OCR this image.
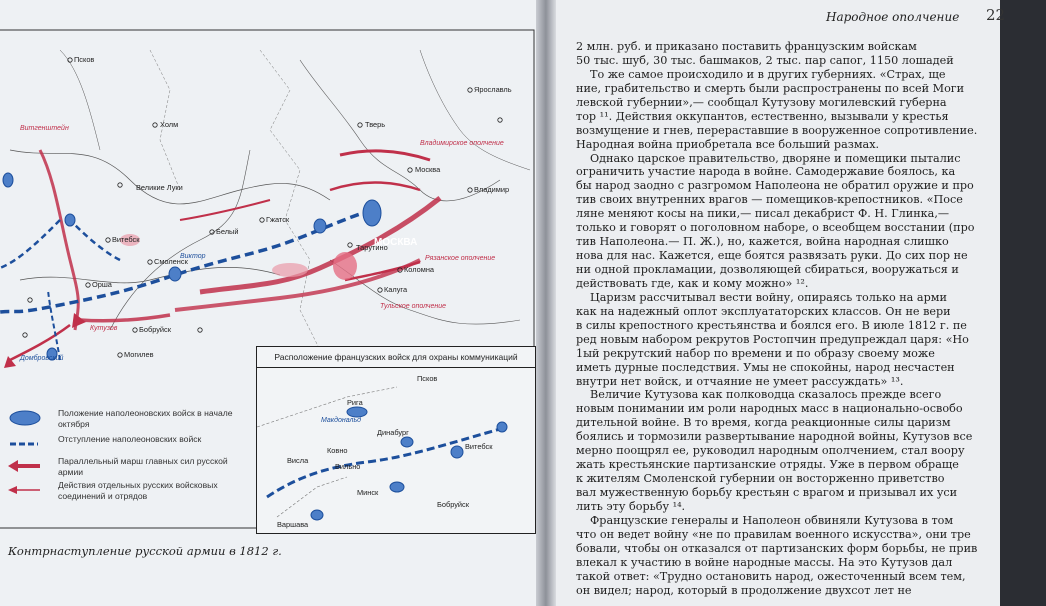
Псков
Холм
Великие Луки
Витебск
Смоленск
Белый
Гжатск
Тарутино
Калуга
Тверь
Ярославль
Владимир
Коломна
Орша
Могилев
Бобруйск
Москва
МОСКВА
Кутузов
Витгенштейн
Владимирское ополчение
Рязанское ополчение
Тульское ополчение
Виктор
Домбровский	Расположение французских войск для охраны коммуникаций
Псков
Рига
Макдональд
Динабург
Ковно
Вильно
Витебск
Минск
Бобруйск
Варшава
Висла
Положение наполеоновских войск в начале октября
Отступление наполеоновских войск
Параллельный марш главных сил русской армии
Действия отдельных русских войсковых соединений и отрядов
Контрнаступление русской армии в 1812 г.
Народное ополчение 22
2 млн. руб. и приказано поставить французским войскам
50 тыс. шуб, 30 тыс. башмаков, 2 тыс. пар сапог, 1150 лошадей
То же самое происходило и в других губерниях. «Страх, ще
ние, грабительство и смерть были распространены по всей Моги
левской губернии»,— сообщал Кутузову могилевский губерна
тор ¹¹. Действия оккупантов, естественно, вызывали у крестья
возмущение и гнев, перераставшие в вооруженное сопротивление.
Народная война приобретала все больший размах.
Однако царское правительство, дворяне и помещики пыталис
ограничить участие народа в войне. Самодержавие боялось, ка
бы народ заодно с разгромом Наполеона не обратил оружие и про
тив своих внутренних врагов — помещиков-крепостников. «Посе
ляне меняют косы на пики,— писал декабрист Ф. Н. Глинка,—
только и говорят о поголовном наборе, о всеобщем восстании (про
тив Наполеона.— П. Ж.), но, кажется, война народная слишко
нова для нас. Кажется, еще боятся развязать руки. До сих пор не
ни одной прокламации, дозволяющей сбираться, вооружаться и
действовать где, как и кому можно» ¹².
Царизм рассчитывал вести войну, опираясь только на арми
как на надежный оплот эксплуататорских классов. Он не вери
в силы крепостного крестьянства и боялся его. В июле 1812 г. пе
ред новым набором рекрутов Ростопчин предупреждал царя: «Но
1ый рекрутский набор по времени и по образу своему може
иметь дурные последствия. Умы не спокойны, народ несчастен
внутри нет войск, и отчаяние не умеет рассуждать» ¹³.
Величие Кутузова как полководца сказалось прежде всего
новым понимании им роли народных масс в национально-освобо
дительной войне. В то время, когда реакционные силы царизм
боялись и тормозили развертывание народной войны, Кутузов все
мерно поощрял ее, руководил народным ополчением, стал воору
жать крестьянские партизанские отряды. Уже в первом обраще
к жителям Смоленской губернии он восторженно приветство
вал мужественную борьбу крестьян с врагом и призывал их уси
лить эту борьбу ¹⁴.
Французские генералы и Наполеон обвиняли Кутузова в том
что он ведет войну «не по правилам военного искусства», они тре
бовали, чтобы он отказался от партизанских форм борьбы, не прив
влекал к участию в войне народные массы. На это Кутузов дал
такой ответ: «Трудно остановить народ, ожесточенный всем тем,
он видел; народ, который в продолжение двухсот лет не
